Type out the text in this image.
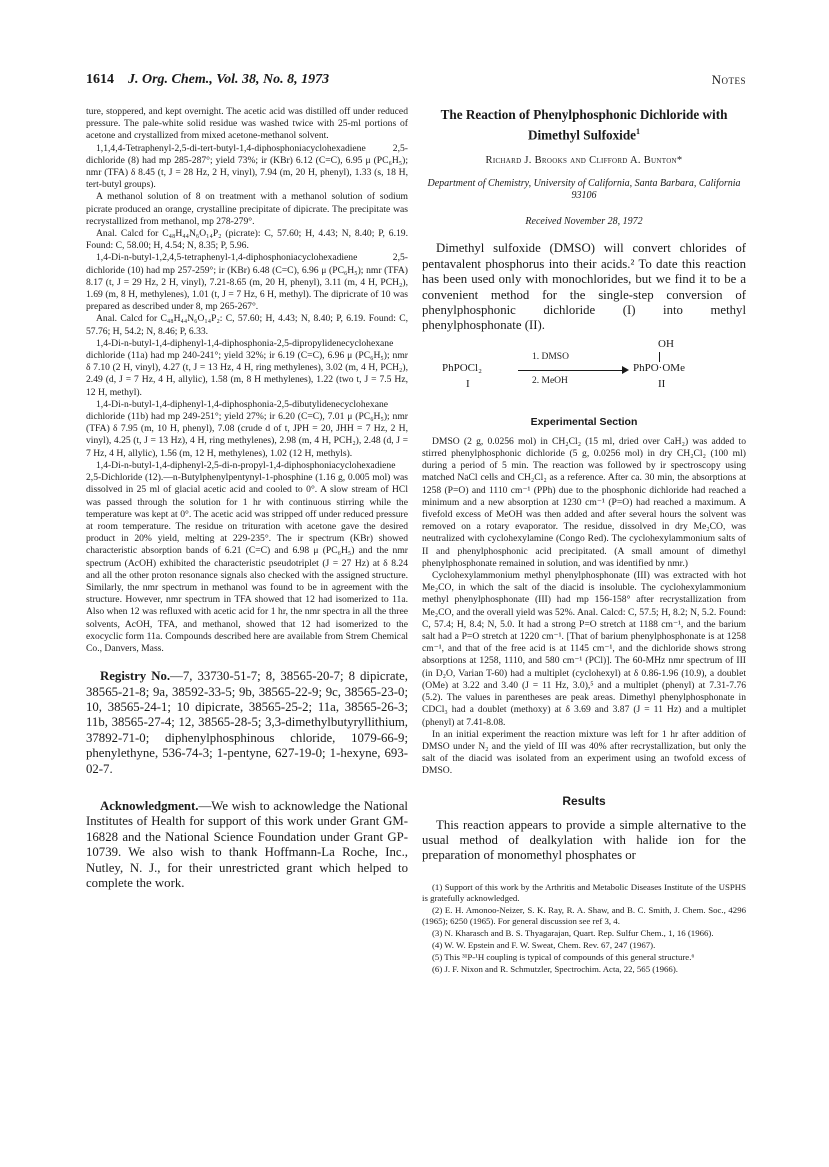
1614 J. Org. Chem., Vol. 38, No. 8, 1973	Notes

ture, stoppered, and kept overnight. The acetic acid was distilled off under reduced pressure. The pale-white solid residue was washed twice with 25-ml portions of acetone and crystallized from mixed acetone-methanol solvent.

1,1,4,4-Tetraphenyl-2,5-di-tert-butyl-1,4-diphosphoniacyclohexadiene 2,5-dichloride (8) had mp 285-287°; yield 73%; ir (KBr) 6.12 (C=C), 6.95 μ (PC₆H₅); nmr (TFA) δ 8.45 (t, J = 28 Hz, 2 H, vinyl), 7.94 (m, 20 H, phenyl), 1.33 (s, 18 H, tert-butyl groups).

A methanol solution of 8 on treatment with a methanol solution of sodium picrate produced an orange, crystalline precipitate of dipicrate. The precipitate was recrystallized from methanol, mp 278-279°.

Anal. Calcd for C₄₈H₄₄N₆O₁₄P₂ (picrate): C, 57.60; H, 4.43; N, 8.40; P, 6.19. Found: C, 58.00; H, 4.54; N, 8.35; P, 5.96.

1,4-Di-n-butyl-1,2,4,5-tetraphenyl-1,4-diphosphoniacyclohexadiene 2,5-dichloride (10) had mp 257-259°; ir (KBr) 6.48 (C=C), 6.96 μ (PC₆H₅); nmr (TFA) 8.17 (t, J = 29 Hz, 2 H, vinyl), 7.21-8.65 (m, 20 H, phenyl), 3.11 (m, 4 H, PCH₂), 1.69 (m, 8 H, methylenes), 1.01 (t, J = 7 Hz, 6 H, methyl). The dipricrate of 10 was prepared as described under 8, mp 265-267°.

Anal. Calcd for C₄₈H₄₄N₆O₁₄P₂: C, 57.60; H, 4.43; N, 8.40; P, 6.19. Found: C, 57.76; H, 54.2; N, 8.46; P, 6.33.

1,4-Di-n-butyl-1,4-diphenyl-1,4-diphosphonia-2,5-dipropylidenecyclohexane dichloride (11a) had mp 240-241°; yield 32%; ir 6.19 (C=C), 6.96 μ (PC₆H₅); nmr δ 7.10 (2 H, vinyl), 4.27 (t, J = 13 Hz, 4 H, ring methylenes), 3.02 (m, 4 H, PCH₂), 2.49 (d, J = 7 Hz, 4 H, allylic), 1.58 (m, 8 H methylenes), 1.22 (two t, J = 7.5 Hz, 12 H, methyl).

1,4-Di-n-butyl-1,4-diphenyl-1,4-diphosphonia-2,5-dibutylidenecyclohexane dichloride (11b) had mp 249-251°; yield 27%; ir 6.20 (C=C), 7.01 μ (PC₆H₅); nmr (TFA) δ 7.95 (m, 10 H, phenyl), 7.08 (crude d of t, JPH = 20, JHH = 7 Hz, 2 H, vinyl), 4.25 (t, J = 13 Hz), 4 H, ring methylenes), 2.98 (m, 4 H, PCH₂), 2.48 (d, J = 7 Hz, 4 H, allylic), 1.56 (m, 12 H, methylenes), 1.02 (12 H, methyls).

1,4-Di-n-butyl-1,4-diphenyl-2,5-di-n-propyl-1,4-diphosphoniacyclohexadiene 2,5-Dichloride (12).—n-Butylphenylpentynyl-1-phosphine (1.16 g, 0.005 mol) was dissolved in 25 ml of glacial acetic acid and cooled to 0°. A slow stream of HCl was passed through the solution for 1 hr with continuous stirring while the temperature was kept at 0°. The acetic acid was stripped off under reduced pressure at room temperature. The residue on trituration with acetone gave the desired product in 20% yield, melting at 229-235°. The ir spectrum (KBr) showed characteristic absorption bands of 6.21 (C=C) and 6.98 μ (PC₆H₅) and the nmr spectrum (AcOH) exhibited the characteristic pseudotriplet (J = 27 Hz) at δ 8.24 and all the other proton resonance signals also checked with the assigned structure. Similarly, the nmr spectrum in methanol was found to be in agreement with the structure. However, nmr spectrum in TFA showed that 12 had isomerized to 11a. Also when 12 was refluxed with acetic acid for 1 hr, the nmr spectra in all the three solvents, AcOH, TFA, and methanol, showed that 12 had isomerized to the exocyclic form 11a. Compounds described here are available from Strem Chemical Co., Danvers, Mass.

Registry No.—7, 33730-51-7; 8, 38565-20-7; 8 dipicrate, 38565-21-8; 9a, 38592-33-5; 9b, 38565-22-9; 9c, 38565-23-0; 10, 38565-24-1; 10 dipicrate, 38565-25-2; 11a, 38565-26-3; 11b, 38565-27-4; 12, 38565-28-5; 3,3-dimethylbutyryllithium, 37892-71-0; diphenylphosphinous chloride, 1079-66-9; phenylethyne, 536-74-3; 1-pentyne, 627-19-0; 1-hexyne, 693-02-7.

Acknowledgment.—We wish to acknowledge the National Institutes of Health for support of this work under Grant GM-16828 and the National Science Foundation under Grant GP-10739. We also wish to thank Hoffmann-La Roche, Inc., Nutley, N. J., for their unrestricted grant which helped to complete the work.

The Reaction of Phenylphosphonic Dichloride with Dimethyl Sulfoxide$^1$
Richard J. Brooks and Clifford A. Bunton*
Department of Chemistry, University of California, Santa Barbara, California 93106
Received November 28, 1972

Dimethyl sulfoxide (DMSO) will convert chlorides of pentavalent phosphorus into their acids.² To date this reaction has been used only with monochlorides, but we find it to be a convenient method for the single-step conversion of phenylphosphonic dichloride (I) into methyl phenylphosphonate (II).

OH
1. DMSO
PhPOCl₂	PhPO·OMe
I	2. MeOH	II
Experimental Section

DMSO (2 g, 0.0256 mol) in CH₂Cl₂ (15 ml, dried over CaH₂) was added to stirred phenylphosphonic dichloride (5 g, 0.0256 mol) in dry CH₂Cl₂ (100 ml) during a period of 5 min. The reaction was followed by ir spectroscopy using matched NaCl cells and CH₂Cl₂ as a reference. After ca. 30 min, the absorptions at 1258 (P=O) and 1110 cm⁻¹ (PPh) due to the phosphonic dichloride had reached a minimum and a new absorption at 1230 cm⁻¹ (P=O) had reached a maximum. A fivefold excess of MeOH was then added and after several hours the solvent was removed on a rotary evaporator. The residue, dissolved in dry Me₂CO, was neutralized with cyclohexylamine (Congo Red). The cyclohexylammonium salts of II and phenylphosphonic acid precipitated. (A small amount of dimethyl phenylphosphonate remained in solution, and was identified by nmr.)

Cyclohexylammonium methyl phenylphosphonate (III) was extracted with hot Me₂CO, in which the salt of the diacid is insoluble. The cyclohexylammonium methyl phenylphosphonate (III) had mp 156-158° after recrystallization from Me₂CO, and the overall yield was 52%. Anal. Calcd: C, 57.5; H, 8.2; N, 5.2. Found: C, 57.4; H, 8.4; N, 5.0. It had a strong P=O stretch at 1188 cm⁻¹, and the barium salt had a P=O stretch at 1220 cm⁻¹. [That of barium phenylphosphonate is at 1258 cm⁻¹, and that of the free acid is at 1145 cm⁻¹, and the dichloride shows strong absorptions at 1258, 1110, and 580 cm⁻¹ (PCl)]. The 60-MHz nmr spectrum of III (in D₂O, Varian T-60) had a multiplet (cyclohexyl) at δ 0.86-1.96 (10.9), a doublet (OMe) at 3.22 and 3.40 (J = 11 Hz, 3.0),⁵ and a multiplet (phenyl) at 7.31-7.76 (5.2). The values in parentheses are peak areas. Dimethyl phenylphosphonate in CDCl₃ had a doublet (methoxy) at δ 3.69 and 3.87 (J = 11 Hz) and a multiplet (phenyl) at 7.41-8.08.

In an initial experiment the reaction mixture was left for 1 hr after addition of DMSO under N₂ and the yield of III was 40% after recrystallization, but only the salt of the diacid was isolated from an experiment using an twofold excess of DMSO.

Results

This reaction appears to provide a simple alternative to the usual method of dealkylation with halide ion for the preparation of monomethyl phosphates or

(1) Support of this work by the Arthritis and Metabolic Diseases Institute of the USPHS is gratefully acknowledged.

(2) E. H. Amonoo-Neizer, S. K. Ray, R. A. Shaw, and B. C. Smith, J. Chem. Soc., 4296 (1965); 6250 (1965). For general discussion see ref 3, 4.

(3) N. Kharasch and B. S. Thyagarajan, Quart. Rep. Sulfur Chem., 1, 16 (1966).

(4) W. W. Epstein and F. W. Sweat, Chem. Rev. 67, 247 (1967).

(5) This ³¹P-¹H coupling is typical of compounds of this general structure.⁶

(6) J. F. Nixon and R. Schmutzler, Spectrochim. Acta, 22, 565 (1966).
